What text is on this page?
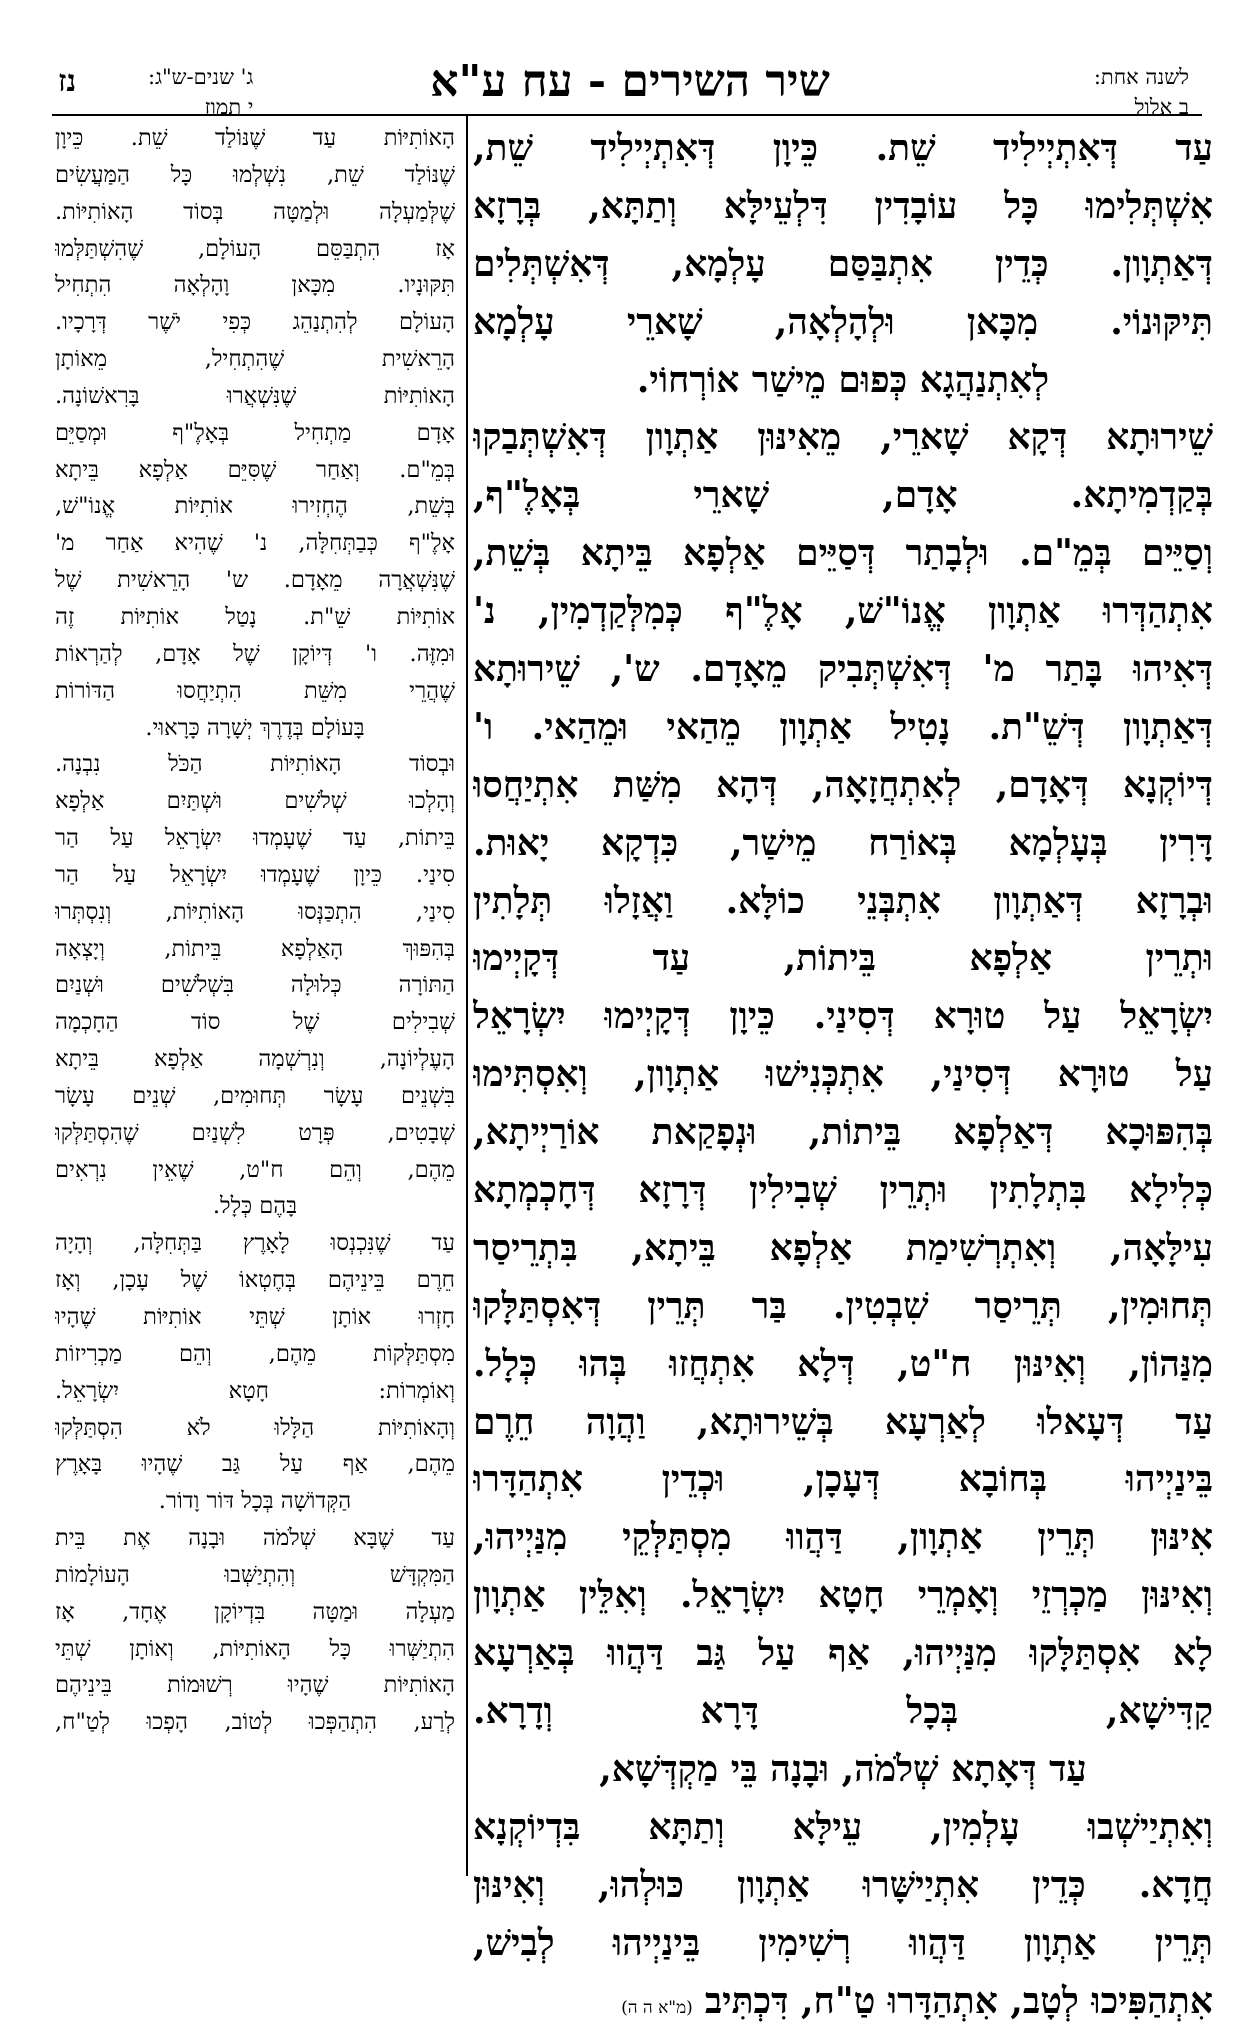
לשנה אחת:
ב אלול
שיר השירים - עח ע"א
ג' שנים-ש"ג:
י תמוז
נז
עַד דְּאִתְיְילִיד שֵׁת. כֵּיוָן דְּאִתְיְילִיד שֵׁת,
אִשְׁתְּלִימוּ כָּל עוֹבָדִין דִּלְעֵילָּא וְתַתָּא, בְּרָזָא
דְּאַתְוָון. כְּדֵין אִתְבַּסַּם עָלְמָא, דְּאִשְׁתְּלִים
תִּיקּוּנוֹי. מִכָּאן וּלְהָלְאָה, שָׁארֵי עָלְמָא
לְאִתְנַהֲגָא כְּפוּם מֵישַׁר אוֹרְחוֹי.
שֵׁירוּתָא דְּקָא שָׁארֵי, מֵאִינּוּן אַתְוָון דְּאִשְׁתְּבַקוּ
בְּקַדְמִיתָא. אָדָם, שָׁארֵי בְּאָלֶ"ף,
וְסַיֵּים בְּמֵ"ם. וּלְבָתַר דְּסַיֵּים אַלְפָא בֵּיתָא בְּשֵׁת,
אִתְהַדְּרוּ אַתְוָון אֱנוֹ"שׁ, אָלֶ"ף כְּמִלְּקַדְמִין, נ'
דְּאִיהוּ בָּתַר מ' דְּאִשְׁתְּבִיק מֵאָדָם. ש', שֵׁירוּתָא
דְּאַתְוָון דְּשֵׁ"ת. נָטִיל אַתְוָון מֵהַאי וּמֵהַאי. ו'
דְּיוֹקְנָא דְּאָדָם, לְאִתְחֲזָאָה, דְּהָא מִשַּׁת אִתְיַחֲסוּ
דָּרִין בְּעָלְמָא בְּאוֹרַח מֵישַׁר, כִּדְקָא יָאוּת.
וּבְרָזָא דְּאַתְוָון אִתְבְּנֵי כוֹלָּא. וַאֲזָלוּ תְּלָתִין
וּתְרֵין אַלְפָא בֵּיתוֹת, עַד דְּקָיְימוּ
יִשְׂרָאֵל עַל טוּרָא דְּסִינַי. כֵּיוָן דְּקָיְימוּ יִשְׂרָאֵל
עַל טוּרָא דְּסִינַי, אִתְכְּנִישׁוּ אַתְוָון, וְאִסְתִּימוּ
בְּהִפּוּכָא דְּאַלְפָא בֵּיתוֹת, וּנְפָקַאת אוֹרַיְיתָא,
כְּלִילָא בִּתְלָתִין וּתְרֵין שְׁבִילִין דְּרָזָא דְּחָכְמְתָא
עִילָּאָה, וְאִתְרְשִׁימַת אַלְפָא בֵּיתָא, בִּתְרֵיסַר
תְּחוּמִין, תְּרֵיסַר שִׁבְטִין. בַּר תְּרֵין דְּאִסְתַּלָּקוּ
מִנַּהוֹן, וְאִינּוּן ח"ט, דְּלָא אִתְחֲזוּ בְּהוּ כְּלָל.
עַד דְּעָאלוּ לְאַרְעָא בְּשֵׁירוּתָא, וַהֲוָה חֵרֶם
בֵּינַיְיהוּ בְּחוֹבָא דְּעָכָן, וּכְדֵין אִתְהַדָּרוּ
אִינּוּן תְּרֵין אַתְוָון, דַּהֲווּ מִסְתַּלְּקֵי מִנַּיְיהוּ,
וְאִינּוּן מַכְרְזֵי וְאָמְרֵי חָטָא יִשְׂרָאֵל. וְאִלֵּין אַתְוָון
לָא אִסְתַּלָּקוּ מִנַּיְיהוּ, אַף עַל גַּב דַּהֲווּ בְּאַרְעָא
קַדִּישָׁא, בְּכָל דָּרָא וְדָרָא.
עַד דְּאָתָא שְׁלֹמֹה, וּבָנָה בֵּי מַקְדְּשָׁא,
וְאִתְיַישְׁבוּ עָלְמִין, עֵילָּא וְתַתָּא בִּדְיוֹקְנָא
חֲדָא. כְּדֵין אִתְיַישָּׁרוּ אַתְוָון כּוּלְהוּ, וְאִינּוּן
תְּרֵין אַתְוָון דַּהֲווּ רְשִׁימִין בֵּינַיְיהוּ לְבִישׁ,
אִתְהַפִּיכוּ לְטָב, אִתְהַדָּרוּ טַ"ח, דִּכְתִּיב(מ"א ה ה)
הָאוֹתִיּוֹת עַד שֶׁנּוֹלַד שֵׁת. כֵּיוָן
שֶׁנּוֹלַד שֵׁת, נִשְׁלְמוּ כָּל הַמַּעֲשִׂים
שֶׁלְּמַעְלָה וּלְמַטָּה בְּסוֹד הָאוֹתִיּוֹת.
אָז הִתְבַּסֵּם הָעוֹלָם, שֶׁהִשְׁתַּלְּמוּ
תִּקּוּנָיו. מִכָּאן וָהָלְאָה הִתְחִיל
הָעוֹלָם לְהִתְנַהֵג כְּפִי יֹשֶׁר דְּרָכָיו.
הָרֵאשִׁית שֶׁהִתְחִיל, מֵאוֹתָן
הָאוֹתִיּוֹת שֶׁנִּשְׁאֲרוּ בָּרִאשׁוֹנָה.
אָדָם מַתְחִיל בְּאָלֶ"ף וּמְסַיֵּם
בְּמֵ"ם. וְאַחַר שֶׁסִּיֵּם אַלְפָא בֵּיתָא
בְּשֵׁת, הֶחְזִירוּ אוֹתִיּוֹת אֱנוֹ"שׁ,
אָלֶ"ף כְּבַתְּחִלָּה, נ' שֶׁהִיא אַחַר מ'
שֶׁנִּשְׁאֲרָה מֵאָדָם. ש' הָרֵאשִׁית שֶׁל
אוֹתִיּוֹת שֵׁ"ת. נָטַל אוֹתִיּוֹת זֶה
וּמִזֶּה. ו' דְּיוֹקָן שֶׁל אָדָם, לְהַרְאוֹת
שֶׁהֲרֵי מִשֵּׁת הִתְיַחֲסוּ הַדּוֹרוֹת
בָּעוֹלָם בְּדֶרֶךְ יְשָׁרָה כָּרָאוּי.
וּבְסוֹד הָאוֹתִיּוֹת הַכֹּל נִבְנָה.
וְהָלְכוּ שְׁלֹשִׁים וּשְׁתַּיִם אַלְפָא
בֵּיתוֹת, עַד שֶׁעָמְדוּ יִשְׂרָאֵל עַל הַר
סִינַי. כֵּיוָן שֶׁעָמְדוּ יִשְׂרָאֵל עַל הַר
סִינַי, הִתְכַּנְּסוּ הָאוֹתִיּוֹת, וְנִסְתְּרוּ
בְּהִפּוּךְ הָאַלְפָא בֵּיתוֹת, וְיָצְאָה
הַתּוֹרָה כְּלוּלָה בִּשְׁלֹשִׁים וּשְׁנַיִם
שְׁבִילִים שֶׁל סוֹד הַחָכְמָה
הָעֶלְיוֹנָה, וְנִרְשְׁמָה אַלְפָא בֵּיתָא
בִּשְׁנֵים עָשָׂר תְּחוּמִים, שְׁנֵים עָשָׂר
שְׁבָטִים, פְּרָט לִשְׁנַיִם שֶׁהִסְתַּלְּקוּ
מֵהֶם, וְהֵם ח"ט, שֶׁאֵין נִרְאִים
בָּהֶם כְּלָל.
עַד שֶׁנִּכְנְסוּ לָאָרֶץ בַּתְּחִלָּה, וְהָיָה
חֵרֶם בֵּינֵיהֶם בְּחֶטְאוֹ שֶׁל עָכָן, וְאָז
חָזְרוּ אוֹתָן שְׁתֵּי אוֹתִיּוֹת שֶׁהָיוּ
מִסְתַּלְּקוֹת מֵהֶם, וְהֵם מַכְרִיזוֹת
וְאוֹמְרוֹת: חָטָא יִשְׂרָאֵל.
וְהָאוֹתִיּוֹת הַלָּלוּ לֹא הִסְתַּלְּקוּ
מֵהֶם, אַף עַל גַּב שֶׁהָיוּ בָּאָרֶץ
הַקְּדוֹשָׁה בְּכָל דּוֹר וָדוֹר.
עַד שֶׁבָּא שְׁלֹמֹה וּבָנָה אֶת בֵּית
הַמִּקְדָּשׁ וְהִתְיַשְּׁבוּ הָעוֹלָמוֹת
מַעְלָה וּמַטָּה בִּדְיוֹקָן אֶחָד, אָז
הִתְיַשְּׁרוּ כָּל הָאוֹתִיּוֹת, וְאוֹתָן שְׁתֵּי
הָאוֹתִיּוֹת שֶׁהָיוּ רְשׁוּמוֹת בֵּינֵיהֶם
לְרַע, הִתְהַפְּכוּ לְטוֹב, הָפְכוּ לְטַ"ח,
